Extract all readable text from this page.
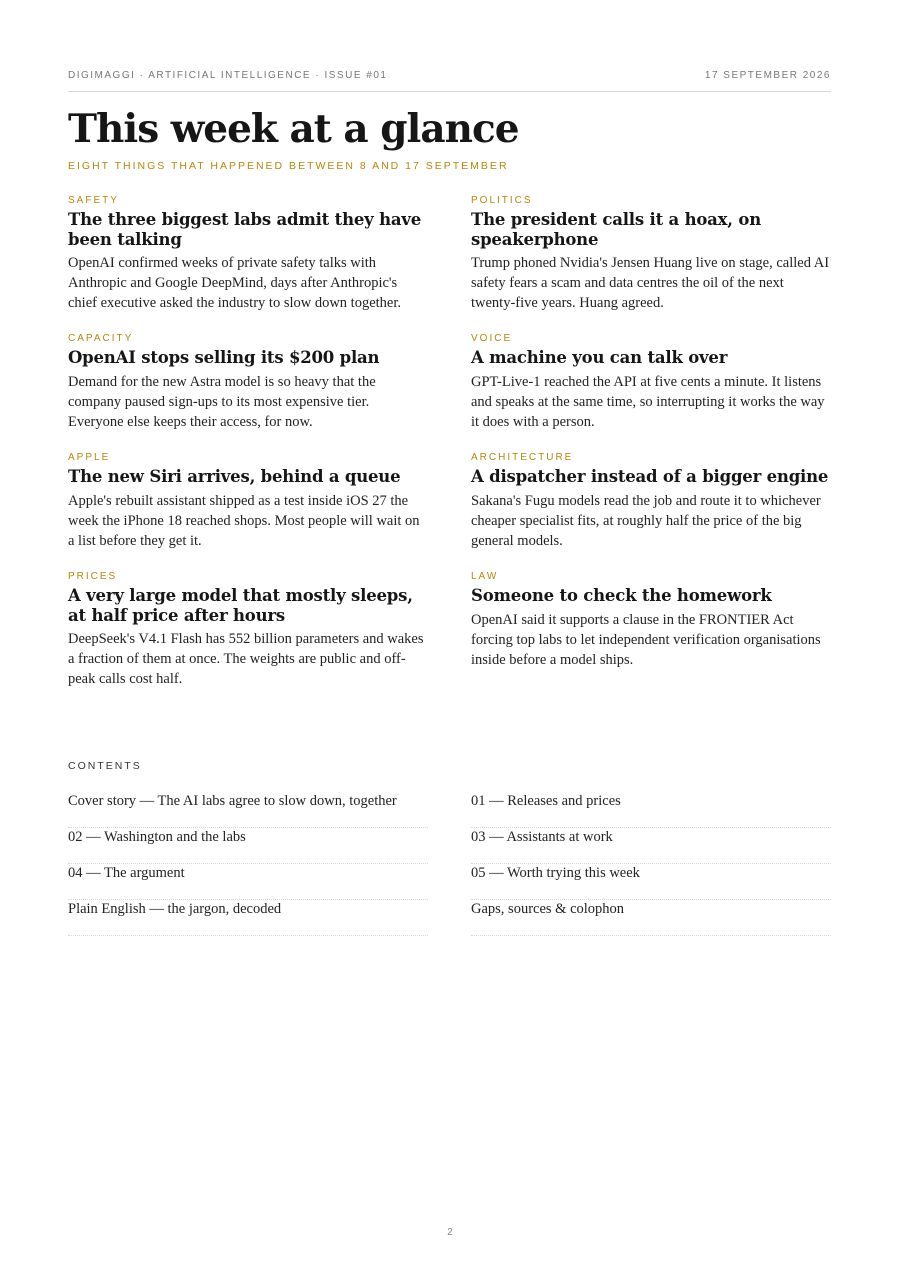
DIGIMAGGI · ARTIFICIAL INTELLIGENCE · ISSUE #01	17 SEPTEMBER 2026
This week at a glance
EIGHT THINGS THAT HAPPENED BETWEEN 8 AND 17 SEPTEMBER
SAFETY
The three biggest labs admit they have been talking
OpenAI confirmed weeks of private safety talks with Anthropic and Google DeepMind, days after Anthropic's chief executive asked the industry to slow down together.
POLITICS
The president calls it a hoax, on speakerphone
Trump phoned Nvidia's Jensen Huang live on stage, called AI safety fears a scam and data centres the oil of the next twenty-five years. Huang agreed.
CAPACITY
OpenAI stops selling its $200 plan
Demand for the new Astra model is so heavy that the company paused sign-ups to its most expensive tier. Everyone else keeps their access, for now.
VOICE
A machine you can talk over
GPT-Live-1 reached the API at five cents a minute. It listens and speaks at the same time, so interrupting it works the way it does with a person.
APPLE
The new Siri arrives, behind a queue
Apple's rebuilt assistant shipped as a test inside iOS 27 the week the iPhone 18 reached shops. Most people will wait on a list before they get it.
ARCHITECTURE
A dispatcher instead of a bigger engine
Sakana's Fugu models read the job and route it to whichever cheaper specialist fits, at roughly half the price of the big general models.
PRICES
A very large model that mostly sleeps, at half price after hours
DeepSeek's V4.1 Flash has 552 billion parameters and wakes a fraction of them at once. The weights are public and off-peak calls cost half.
LAW
Someone to check the homework
OpenAI said it supports a clause in the FRONTIER Act forcing top labs to let independent verification organisations inside before a model ships.
CONTENTS
Cover story — The AI labs agree to slow down, together	01 — Releases and prices
02 — Washington and the labs	03 — Assistants at work
04 — The argument	05 — Worth trying this week
Plain English — the jargon, decoded	Gaps, sources & colophon
2
